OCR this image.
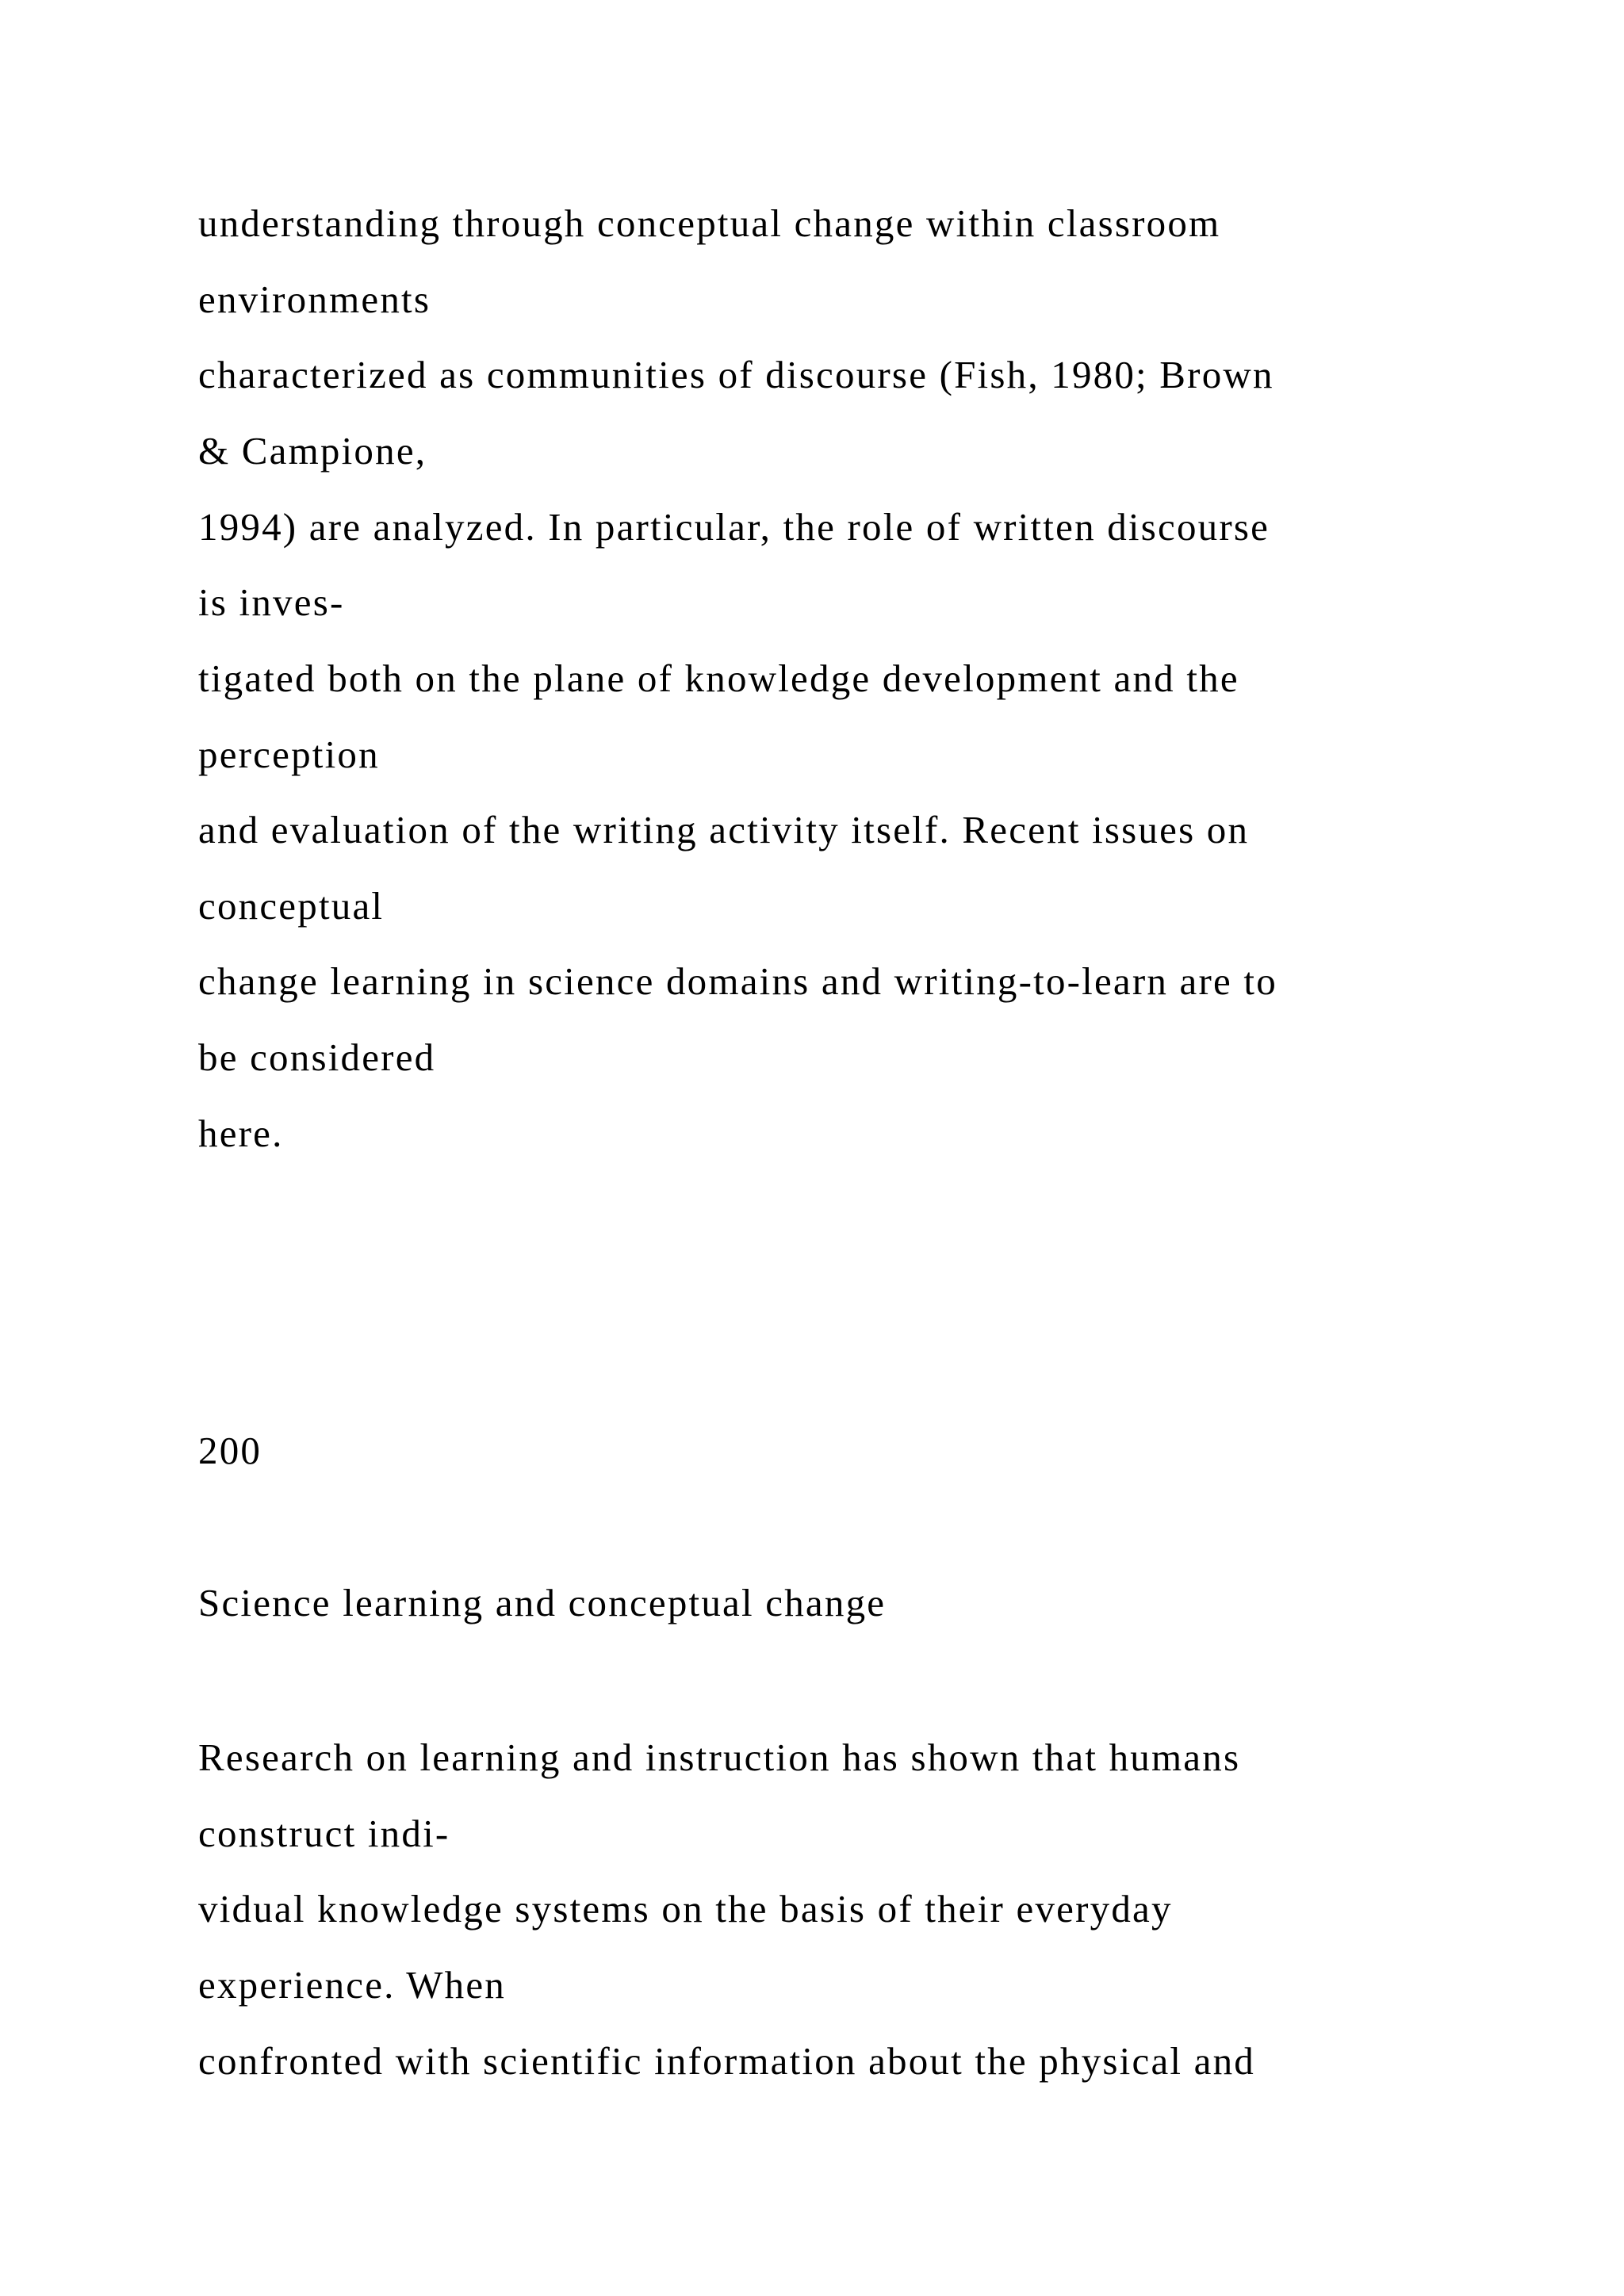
understanding through conceptual change within classroom

environments

characterized as communities of discourse (Fish, 1980; Brown

& Campione,

1994) are analyzed. In particular, the role of written discourse

is inves-

tigated both on the plane of knowledge development and the

perception

and evaluation of the writing activity itself. Recent issues on

conceptual

change learning in science domains and writing-to-learn are to

be considered

here.

200

Science learning and conceptual change

Research on learning and instruction has shown that humans

construct indi-

vidual knowledge systems on the basis of their everyday

experience. When

confronted with scientific information about the physical and
